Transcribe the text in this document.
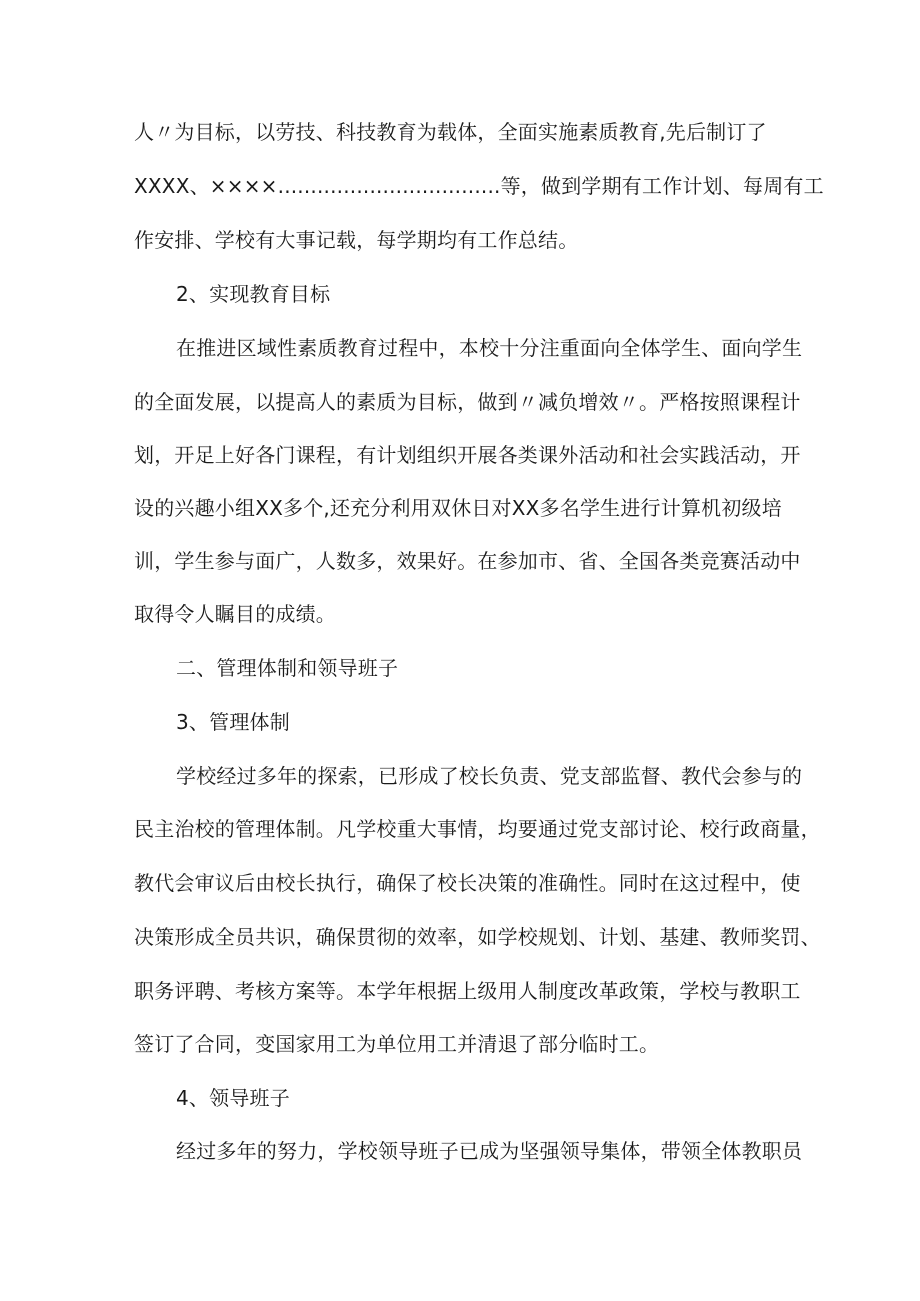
人〃为目标，以劳技、科技教育为载体，全面实施素质教育,先后制订了
XXXX、××××..................................等，做到学期有工作计划、每周有工
作安排、学校有大事记载，每学期均有工作总结。
2、实现教育目标
在推进区域性素质教育过程中，本校十分注重面向全体学生、面向学生
的全面发展，以提高人的素质为目标，做到〃减负增效〃。严格按照课程计
划，开足上好各门课程，有计划组织开展各类课外活动和社会实践活动，开
设的兴趣小组XX多个,还充分利用双休日对XX多名学生进行计算机初级培
训，学生参与面广，人数多，效果好。在参加市、省、全国各类竞赛活动中
取得令人瞩目的成绩。
二、管理体制和领导班子
3、管理体制
学校经过多年的探索，已形成了校长负责、党支部监督、教代会参与的
民主治校的管理体制。凡学校重大事情，均要通过党支部讨论、校行政商量，
教代会审议后由校长执行，确保了校长决策的准确性。同时在这过程中，使
决策形成全员共识，确保贯彻的效率，如学校规划、计划、基建、教师奖罚、
职务评聘、考核方案等。本学年根据上级用人制度改革政策，学校与教职工
签订了合同，变国家用工为单位用工并清退了部分临时工。
4、领导班子
经过多年的努力，学校领导班子已成为坚强领导集体，带领全体教职员
